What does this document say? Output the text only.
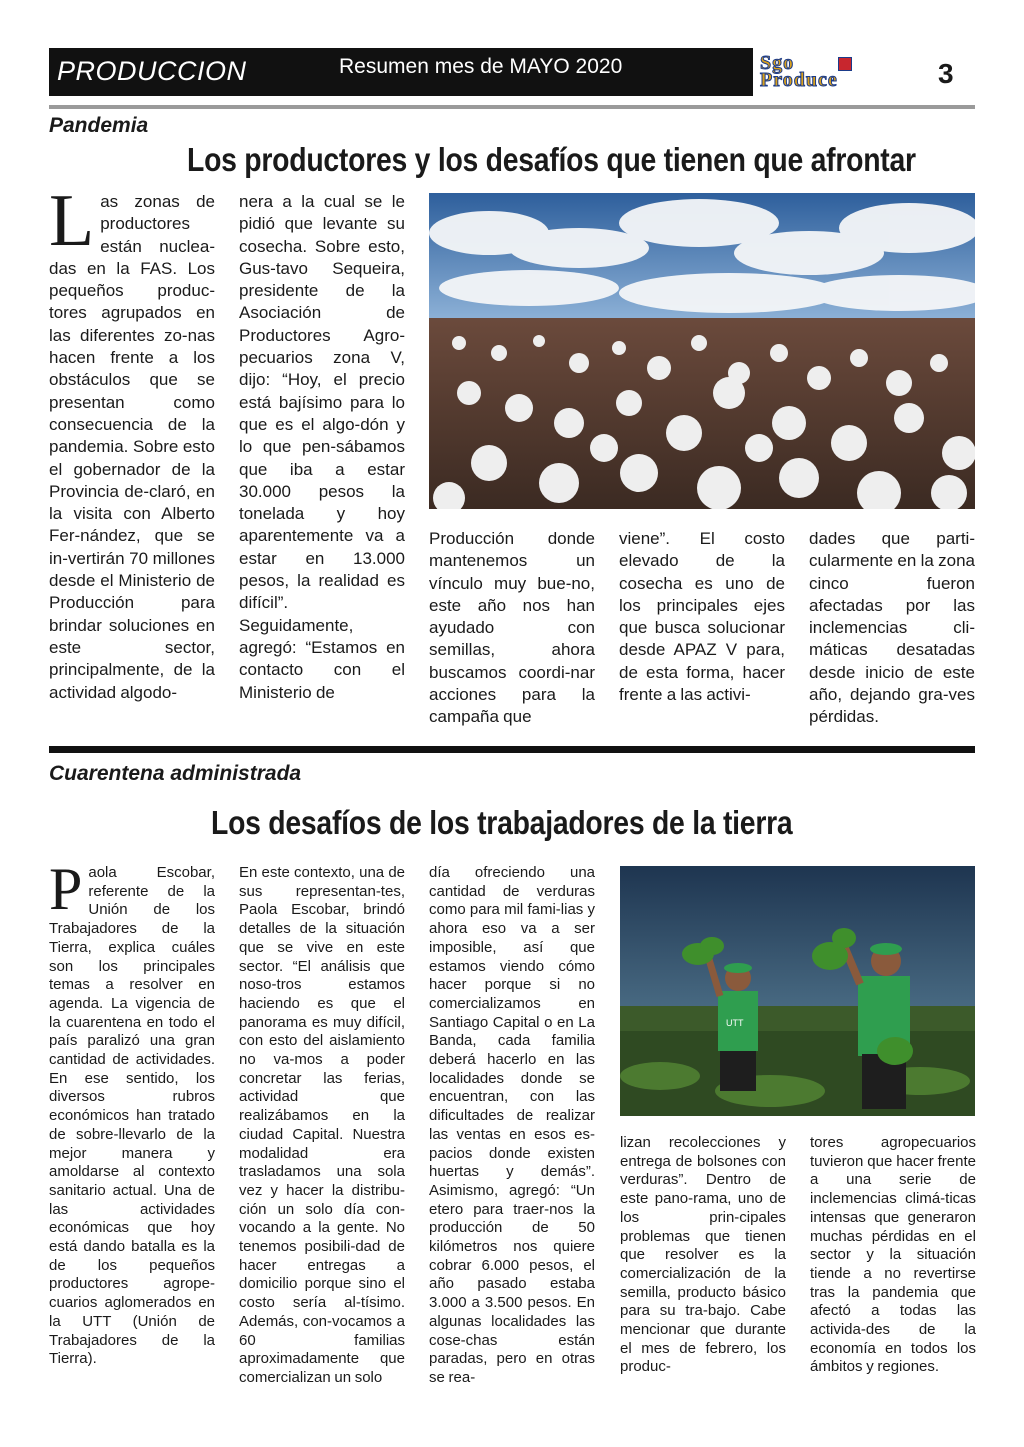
PRODUCCION	Resumen mes de MAYO 2020	Sgo
Produce	3
Pandemia
Los productores y los desafíos que tienen que afrontar
L as zonas de productores están nuclea-das en la FAS. Los pequeños produc-tores agrupados en las diferentes zo-nas hacen frente a los obstáculos que se presentan como consecuencia de la pandemia. Sobre esto el gobernador de la Provincia de-claró, en la visita con Alberto Fer-nández, que se in-vertirán 70 millones desde el Ministerio de Producción para brindar soluciones en este sector, principalmente, de la actividad algodo-
nera a la cual se le pidió que levante su cosecha. Sobre esto, Gus-tavo Sequeira, presidente de la Asociación de Productores Agro-pecuarios zona V, dijo: “Hoy, el precio está bajísimo para lo que es el algo-dón y lo que pen-sábamos que iba a estar 30.000 pesos la tonelada y hoy aparentemente va a estar en 13.000 pesos, la realidad es difícil”. Seguidamente, agregó: “Estamos en contacto con el Ministerio de
Producción donde mantenemos un vínculo muy bue-no, este año nos han ayudado con semillas, ahora buscamos coordi-nar acciones para la campaña que
viene”. El costo elevado de la cosecha es uno de los principales ejes que busca solucionar desde APAZ V para, de esta forma, hacer frente a las activi-
dades que parti-cularmente en la zona cinco fueron afectadas por las inclemencias cli-máticas desatadas desde inicio de este año, dejando gra-ves pérdidas.
Cuarentena administrada
Los desafíos de los trabajadores de la tierra
P aola Escobar, referente de la Unión de los Trabajadores de la Tierra, explica cuáles son los principales temas a resolver en agenda. La vigencia de la cuarentena en todo el país paralizó una gran cantidad de actividades. En ese sentido, los diversos rubros económicos han tratado de sobre-llevarlo de la mejor manera y amoldarse al contexto sanitario actual. Una de las actividades económicas que hoy está dando batalla es la de los pequeños productores agrope-cuarios aglomerados en la UTT (Unión de Trabajadores de la Tierra).
En este contexto, una de sus representan-tes, Paola Escobar, brindó detalles de la situación que se vive en este sector. “El análisis que noso-tros estamos haciendo es que el panorama es muy difícil, con esto del aislamiento no va-mos a poder concretar las ferias, actividad que realizábamos en la ciudad Capital. Nuestra modalidad era trasladamos una sola vez y hacer la distribu-ción un solo día con-vocando a la gente. No tenemos posibili-dad de hacer entregas a domicilio porque sino el costo sería al-tísimo. Además, con-vocamos a 60 familias aproximadamente que comercializan un solo
día ofreciendo una cantidad de verduras como para mil fami-lias y ahora eso va a ser imposible, así que estamos viendo cómo hacer porque si no comercializamos en Santiago Capital o en La Banda, cada familia deberá hacerlo en las localidades donde se encuentran, con las dificultades de realizar las ventas en esos es-pacios donde existen huertas y demás”. Asimismo, agregó: “Un etero para traer-nos la producción de 50 kilómetros nos quiere cobrar 6.000 pesos, el año pasado estaba 3.000 a 3.500 pesos. En algunas localidades las cose-chas están paradas, pero en otras se rea-
UTT
lizan recolecciones y entrega de bolsones con verduras”. Dentro de este pano-rama, uno de los prin-cipales problemas que tienen que resolver es la comercialización de la semilla, producto básico para su tra-bajo. Cabe mencionar que durante el mes de febrero, los produc-
tores agropecuarios tuvieron que hacer frente a una serie de inclemencias climá-ticas intensas que generaron muchas pérdidas en el sector y la situación tiende a no revertirse tras la pandemia que afectó a todas las activida-des de la economía en todos los ámbitos y regiones.
